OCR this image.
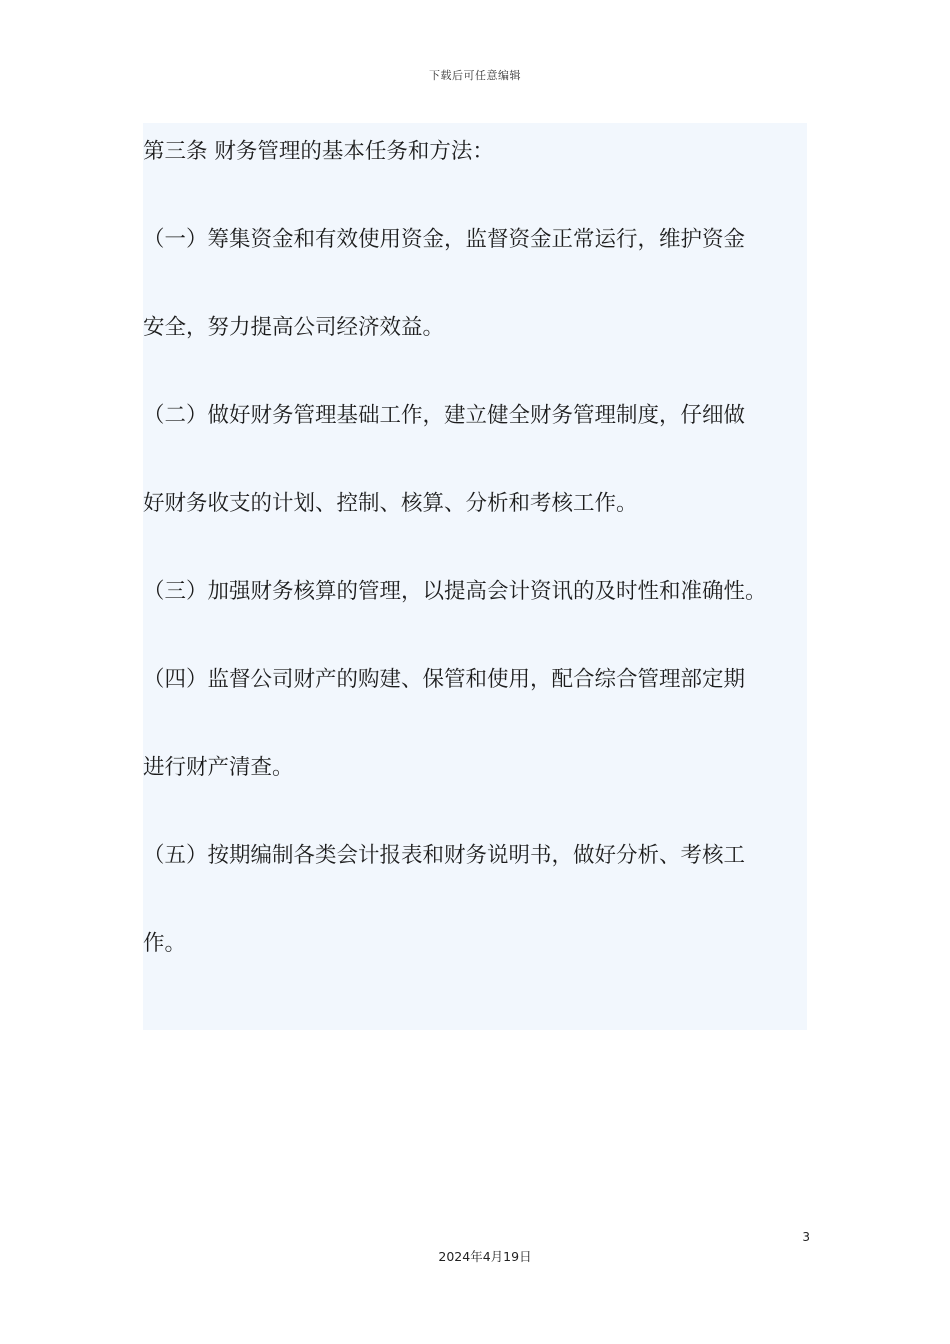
下载后可任意编辑
第三条 财务管理的基本任务和方法：
（一）筹集资金和有效使用资金，监督资金正常运行，维护资金
安全，努力提高公司经济效益。
（二）做好财务管理基础工作，建立健全财务管理制度，仔细做
好财务收支的计划、控制、核算、分析和考核工作。
（三）加强财务核算的管理，以提高会计资讯的及时性和准确性。
（四）监督公司财产的购建、保管和使用，配合综合管理部定期
进行财产清查。
（五）按期编制各类会计报表和财务说明书，做好分析、考核工
作。
3
2024年4月19日
